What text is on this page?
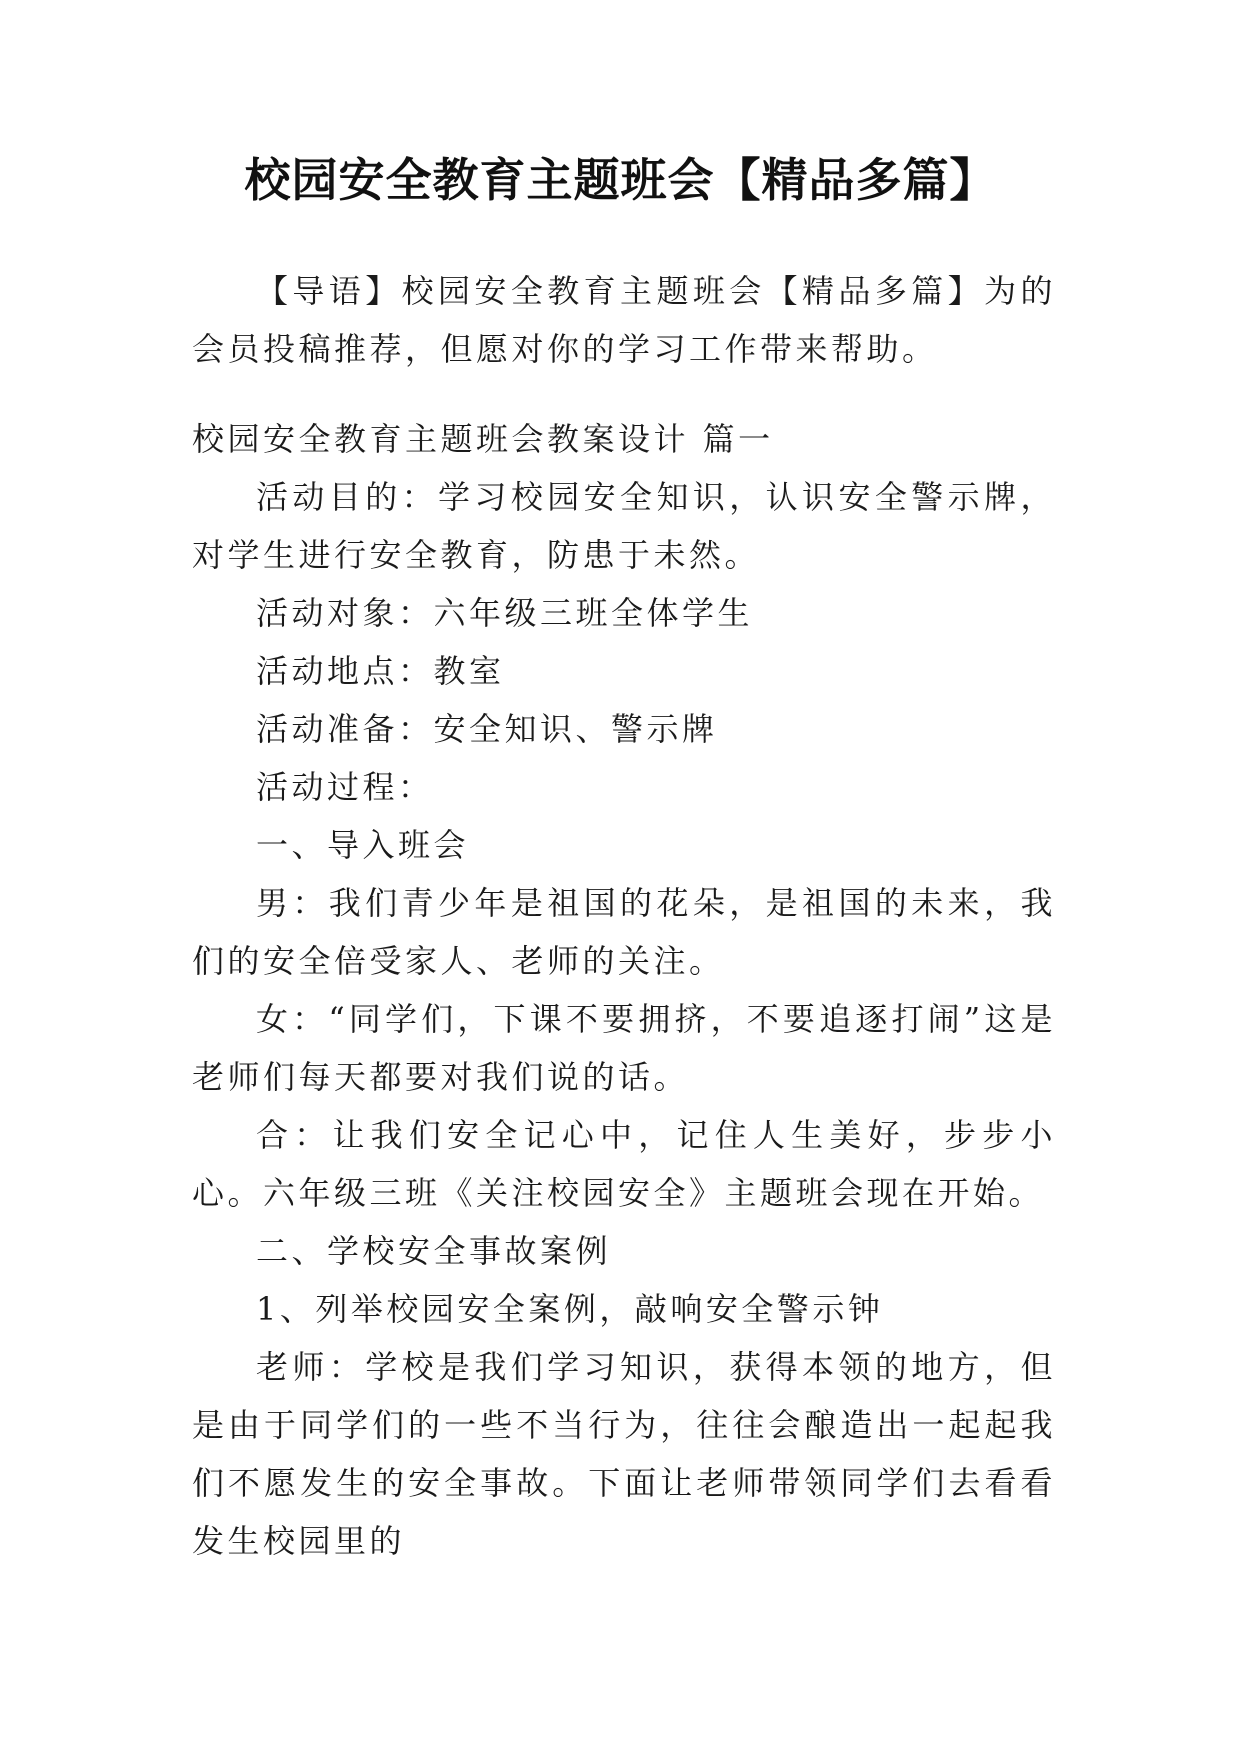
校园安全教育主题班会【精品多篇】

【导语】校园安全教育主题班会【精品多篇】为的会员投稿推荐，但愿对你的学习工作带来帮助。

校园安全教育主题班会教案设计 篇一

活动目的：学习校园安全知识，认识安全警示牌，对学生进行安全教育，防患于未然。

活动对象：六年级三班全体学生

活动地点：教室

活动准备：安全知识、警示牌

活动过程：

一、导入班会

男：我们青少年是祖国的花朵，是祖国的未来，我们的安全倍受家人、老师的关注。

女：“同学们，下课不要拥挤，不要追逐打闹”这是老师们每天都要对我们说的话。

合：让我们安全记心中，记住人生美好，步步小心。六年级三班《关注校园安全》主题班会现在开始。

二、学校安全事故案例

1、列举校园安全案例，敲响安全警示钟

老师：学校是我们学习知识，获得本领的地方，但是由于同学们的一些不当行为，往往会酿造出一起起我们不愿发生的安全事故。下面让老师带领同学们去看看发生校园里的
